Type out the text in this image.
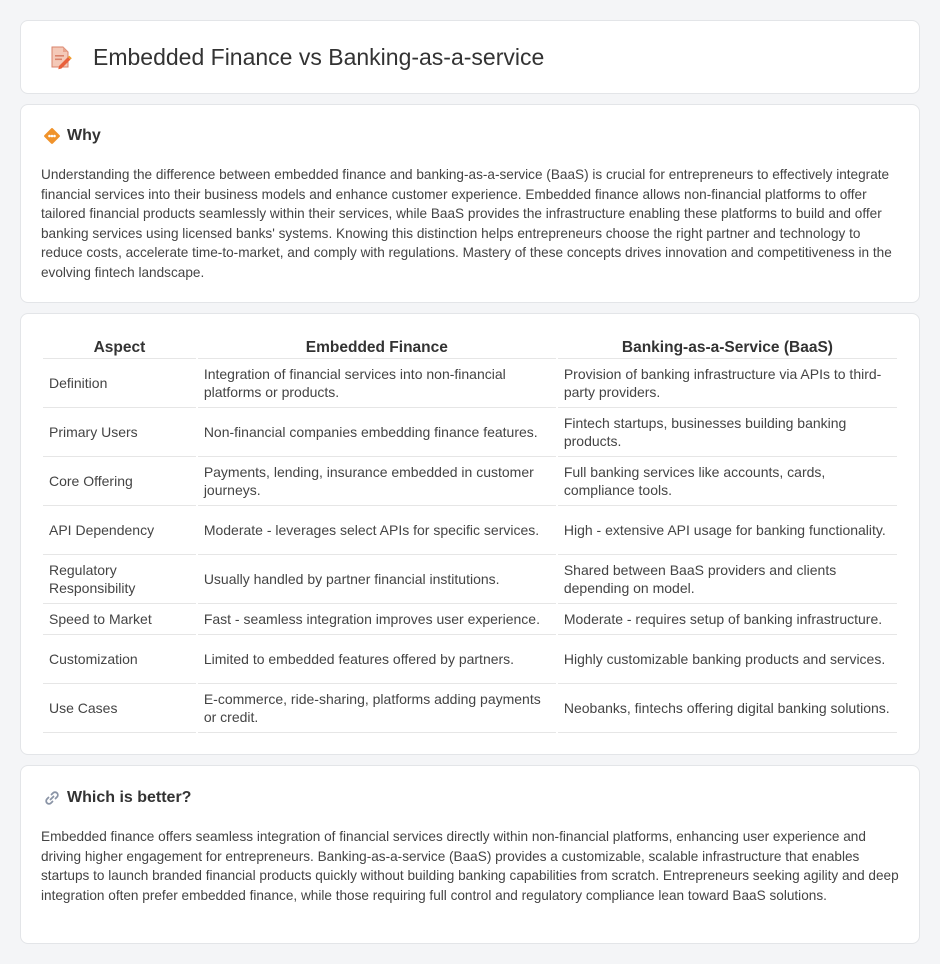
Embedded Finance vs Banking-as-a-service
Why

Understanding the difference between embedded finance and banking-as-a-service (BaaS) is crucial for entrepreneurs to effectively integrate financial services into their business models and enhance customer experience. Embedded finance allows non-financial platforms to offer tailored financial products seamlessly within their services, while BaaS provides the infrastructure enabling these platforms to build and offer banking services using licensed banks' systems. Knowing this distinction helps entrepreneurs choose the right partner and technology to reduce costs, accelerate time-to-market, and comply with regulations. Mastery of these concepts drives innovation and competitiveness in the evolving fintech landscape.

Aspect	Embedded Finance	Banking-as-a-Service (BaaS)
Definition	Integration of financial services into non-financial platforms or products.	Provision of banking infrastructure via APIs to third-party providers.
Primary Users	Non-financial companies embedding finance features.	Fintech startups, businesses building banking products.
Core Offering	Payments, lending, insurance embedded in customer journeys.	Full banking services like accounts, cards, compliance tools.
API Dependency	Moderate - leverages select APIs for specific services.	High - extensive API usage for banking functionality.
Regulatory Responsibility	Usually handled by partner financial institutions.	Shared between BaaS providers and clients depending on model.
Speed to Market	Fast - seamless integration improves user experience.	Moderate - requires setup of banking infrastructure.
Customization	Limited to embedded features offered by partners.	Highly customizable banking products and services.
Use Cases	E-commerce, ride-sharing, platforms adding payments or credit.	Neobanks, fintechs offering digital banking solutions.
Which is better?

Embedded finance offers seamless integration of financial services directly within non-financial platforms, enhancing user experience and driving higher engagement for entrepreneurs. Banking-as-a-service (BaaS) provides a customizable, scalable infrastructure that enables startups to launch branded financial products quickly without building banking capabilities from scratch. Entrepreneurs seeking agility and deep integration often prefer embedded finance, while those requiring full control and regulatory compliance lean toward BaaS solutions.
